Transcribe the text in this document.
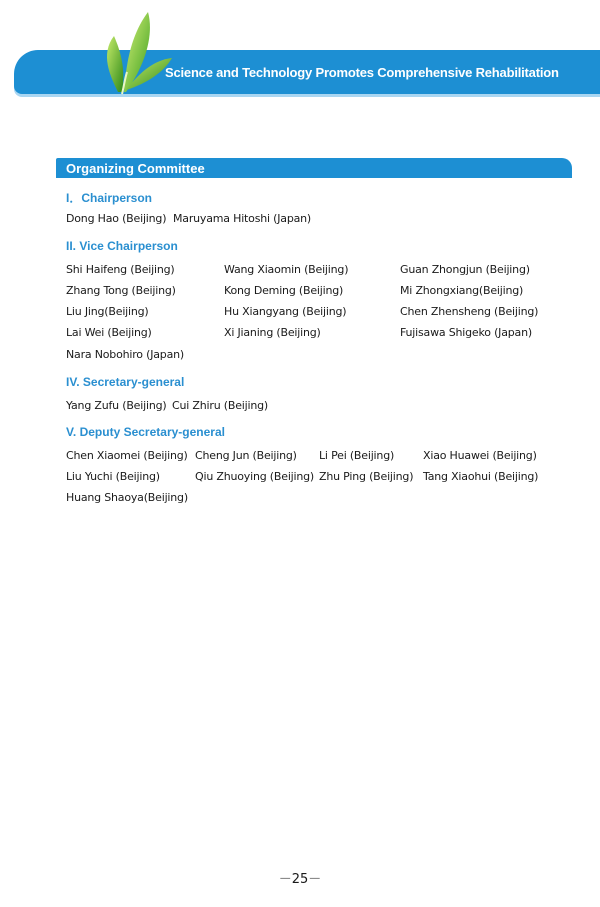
Science and Technology Promotes Comprehensive Rehabilitation
Organizing Committee
I．Chairperson
Dong Hao (Beijing) Maruyama Hitoshi (Japan)
II. Vice Chairperson
Shi Haifeng (Beijing)	Wang Xiaomin (Beijing)	Guan Zhongjun (Beijing)
Zhang Tong (Beijing)	Kong Deming (Beijing)	Mi Zhongxiang(Beijing)
Liu Jing(Beijing)	Hu Xiangyang (Beijing)	Chen Zhensheng (Beijing)
Lai Wei (Beijing)	Xi Jianing (Beijing)	Fujisawa Shigeko (Japan)
Nara Nobohiro (Japan)
IV. Secretary-general
Yang Zufu (Beijing) Cui Zhiru (Beijing)
V. Deputy Secretary-general
Chen Xiaomei (Beijing) Cheng Jun (Beijing) Li Pei (Beijing)	Xiao Huawei (Beijing)
Liu Yuchi (Beijing)	Qiu Zhuoying (Beijing) Zhu Ping (Beijing) Tang Xiaohui (Beijing)
Huang Shaoya(Beijing)
－25－
